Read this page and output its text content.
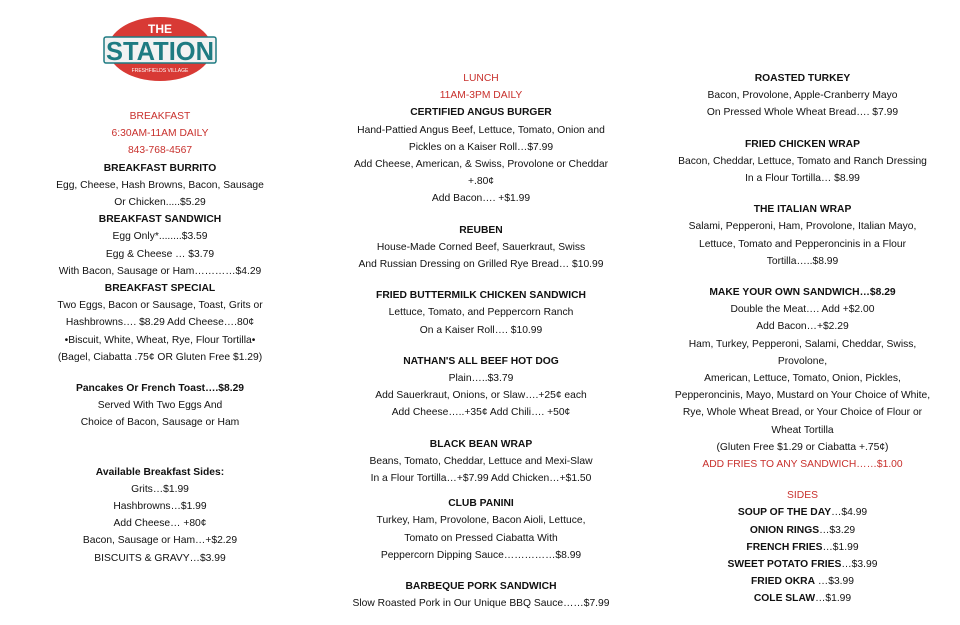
THE
STATION
FRESHFIELDS VILLAGE
BREAKFAST
6:30AM-11AM DAILY
843-768-4567
BREAKFAST BURRITO
Egg, Cheese, Hash Browns, Bacon, Sausage
Or Chicken.....$5.29
BREAKFAST SANDWICH
Egg Only*........$3.59
Egg & Cheese … $3.79
With Bacon, Sausage or Ham…………$4.29
BREAKFAST SPECIAL
Two Eggs, Bacon or Sausage, Toast, Grits or
Hashbrowns…. $8.29 Add Cheese….80¢
•Biscuit, White, Wheat, Rye, Flour Tortilla•
(Bagel, Ciabatta .75¢ OR Gluten Free $1.29)
Pancakes Or French Toast….$8.29
Served With Two Eggs And
Choice of Bacon, Sausage or Ham
Available Breakfast Sides:
Grits…$1.99
Hashbrowns…$1.99
Add Cheese… +80¢
Bacon, Sausage or Ham…+$2.29
BISCUITS & GRAVY…$3.99
LUNCH
11AM-3PM DAILY
CERTIFIED ANGUS BURGER
Hand-Pattied Angus Beef, Lettuce, Tomato, Onion and
Pickles on a Kaiser Roll…$7.99
Add Cheese, American, & Swiss, Provolone or Cheddar
+.80¢
Add Bacon…. +$1.99
REUBEN
House-Made Corned Beef, Sauerkraut, Swiss
And Russian Dressing on Grilled Rye Bread… $10.99
FRIED BUTTERMILK CHICKEN SANDWICH
Lettuce, Tomato, and Peppercorn Ranch
On a Kaiser Roll…. $10.99
NATHAN'S ALL BEEF HOT DOG
Plain…..$3.79
Add Sauerkraut, Onions, or Slaw….+25¢ each
Add Cheese…..+35¢ Add Chili…. +50¢
BLACK BEAN WRAP
Beans, Tomato, Cheddar, Lettuce and Mexi-Slaw
In a Flour Tortilla…+$7.99 Add Chicken…+$1.50
CLUB PANINI
Turkey, Ham, Provolone, Bacon Aioli, Lettuce,
Tomato on Pressed Ciabatta With
Peppercorn Dipping Sauce……………$8.99
BARBEQUE PORK SANDWICH
Slow Roasted Pork in Our Unique BBQ Sauce……$7.99
ROASTED TURKEY
Bacon, Provolone, Apple-Cranberry Mayo
On Pressed Whole Wheat Bread…. $7.99
FRIED CHICKEN WRAP
Bacon, Cheddar, Lettuce, Tomato and Ranch Dressing
In a Flour Tortilla… $8.99
THE ITALIAN WRAP
Salami, Pepperoni, Ham, Provolone, Italian Mayo,
Lettuce, Tomato and Pepperoncinis in a Flour
Tortilla…..$8.99
MAKE YOUR OWN SANDWICH…$8.29
Double the Meat…. Add +$2.00
Add Bacon…+$2.29
Ham, Turkey, Pepperoni, Salami, Cheddar, Swiss,
Provolone,
American, Lettuce, Tomato, Onion, Pickles,
Pepperoncinis, Mayo, Mustard on Your Choice of White,
Rye, Whole Wheat Bread, or Your Choice of Flour or
Wheat Tortilla
(Gluten Free $1.29 or Ciabatta +.75¢)
ADD FRIES TO ANY SANDWICH……$1.00
SIDES
SOUP OF THE DAY…$4.99
ONION RINGS…$3.29
FRENCH FRIES…$1.99
SWEET POTATO FRIES…$3.99
FRIED OKRA …$3.99
COLE SLAW…$1.99
